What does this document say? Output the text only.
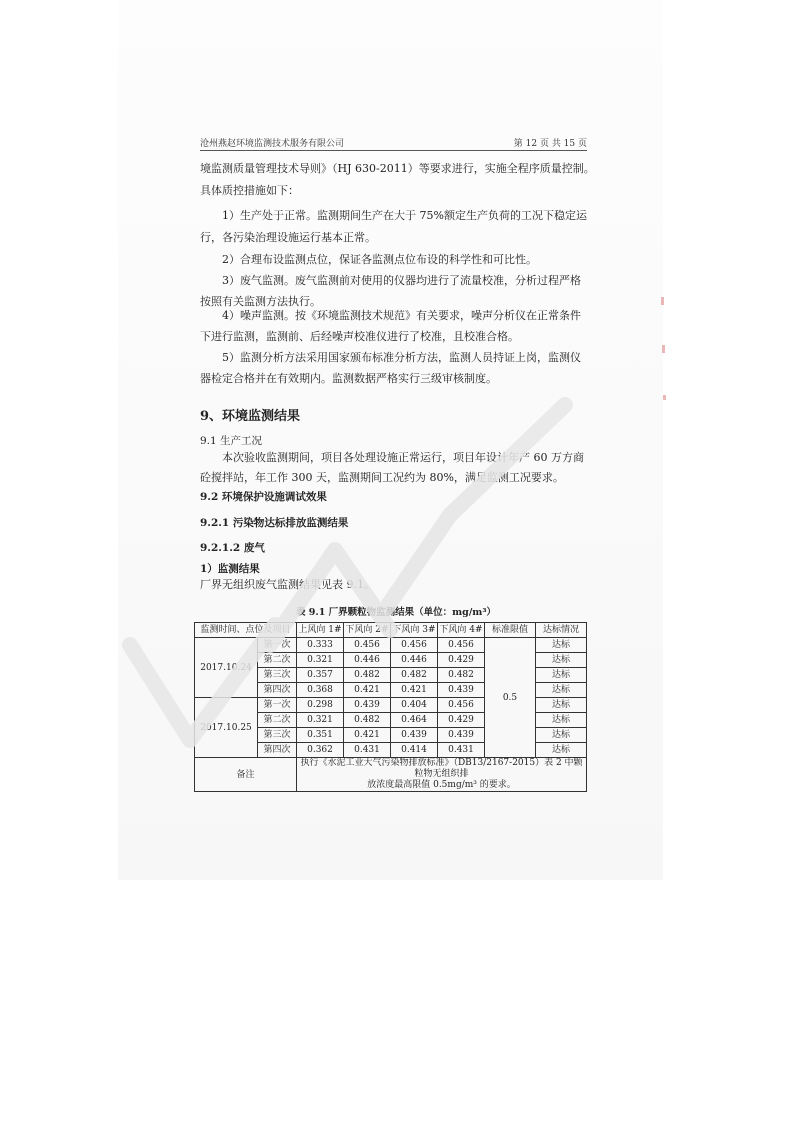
沧州燕赵环境监测技术服务有限公司	第 12 页 共 15 页
境监测质量管理技术导则》（HJ 630-2011）等要求进行，实施全程序质量控制。
具体质控措施如下：
1）生产处于正常。监测期间生产在大于 75%额定生产负荷的工况下稳定运
行，各污染治理设施运行基本正常。
2）合理布设监测点位，保证各监测点位布设的科学性和可比性。
3）废气监测。废气监测前对使用的仪器均进行了流量校准，分析过程严格
按照有关监测方法执行。
4）噪声监测。按《环境监测技术规范》有关要求，噪声分析仪在正常条件
下进行监测，监测前、后经噪声校准仪进行了校准，且校准合格。
5）监测分析方法采用国家颁布标准分析方法，监测人员持证上岗，监测仪
器检定合格并在有效期内。监测数据严格实行三级审核制度。
9、环境监测结果
9.1 生产工况
本次验收监测期间，项目各处理设施正常运行，项目年设计年产 60 万方商
砼搅拌站，年工作 300 天，监测期间工况约为 80%，满足监测工况要求。
9.2 环境保护设施调试效果
9.2.1 污染物达标排放监测结果
9.2.1.2 废气
1）监测结果
厂界无组织废气监测结果见表 9.1。
表 9.1 厂界颗粒物监测结果（单位：mg/m³）
监测时间、点位及项目		上风向 1#	下风向 2#	下风向 3#	下风向 4#	标准限值	达标情况
2017.10.24	第一次	0.333	0.456	0.456	0.456	0.5	达标
	第二次	0.321	0.446	0.446	0.429		达标
	第三次	0.357	0.482	0.482	0.482		达标
	第四次	0.368	0.421	0.421	0.439		达标
2017.10.25	第一次	0.298	0.439	0.404	0.456		达标
	第二次	0.321	0.482	0.464	0.429		达标
	第三次	0.351	0.421	0.439	0.439		达标
	第四次	0.362	0.431	0.414	0.431		达标
备注		执行《水泥工业大气污染物排放标准》（DB13/2167-2015）表 2 中颗粒物无组织排
放浓度最高限值 0.5mg/m³ 的要求。					
